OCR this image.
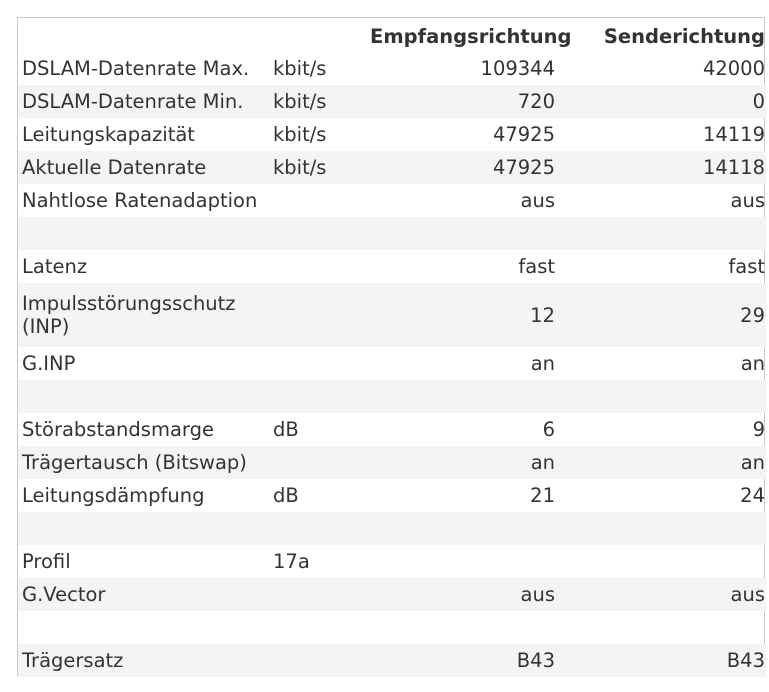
		Empfangsrichtung	Senderichtung
DSLAM-Datenrate Max.	kbit/s	109344	42000
DSLAM-Datenrate Min.	kbit/s	720	0
Leitungskapazität	kbit/s	47925	14119
Aktuelle Datenrate	kbit/s	47925	14118
Nahtlose Ratenadaption		aus	aus

Latenz		fast	fast
Impulsstörungsschutz (INP)		12	29
G.INP		an	an

Störabstandsmarge	dB	6	9
Trägertausch (Bitswap)		an	an
Leitungsdämpfung	dB	21	24

Profil	17a		
G.Vector		aus	aus

Trägersatz		B43	B43
